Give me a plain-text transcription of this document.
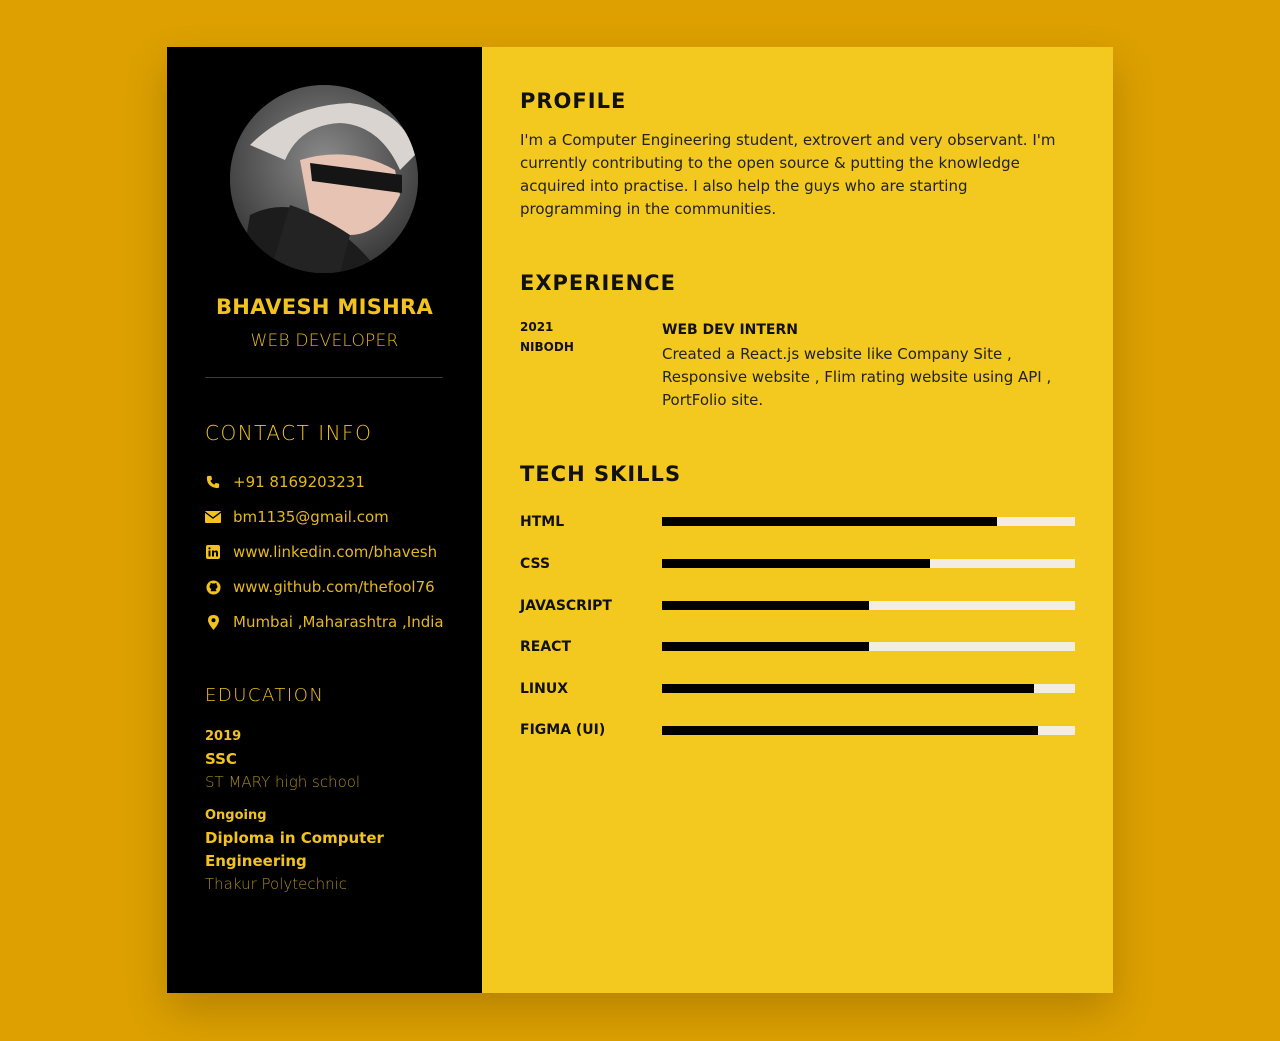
BHAVESH MISHRA
WEB DEVELOPER
CONTACT INFO
+91 8169203231
bm1135@gmail.com
www.linkedin.com/bhavesh
www.github.com/thefool76
Mumbai ,Maharashtra ,India
EDUCATION
2019
SSC
ST MARY high school
Ongoing
Diploma in Computer Engineering
Thakur Polytechnic
PROFILE
I'm a Computer Engineering student, extrovert and very observant. I'm currently contributing to the open source & putting the knowledge acquired into practise. I also help the guys who are starting programming in the communities.
EXPERIENCE
2021
NIBODH
WEB DEV INTERN
Created a React.js website like Company Site , Responsive website , Flim rating website using API , PortFolio site.
TECH SKILLS
HTML
CSS
JAVASCRIPT
REACT
LINUX
FIGMA (UI)
